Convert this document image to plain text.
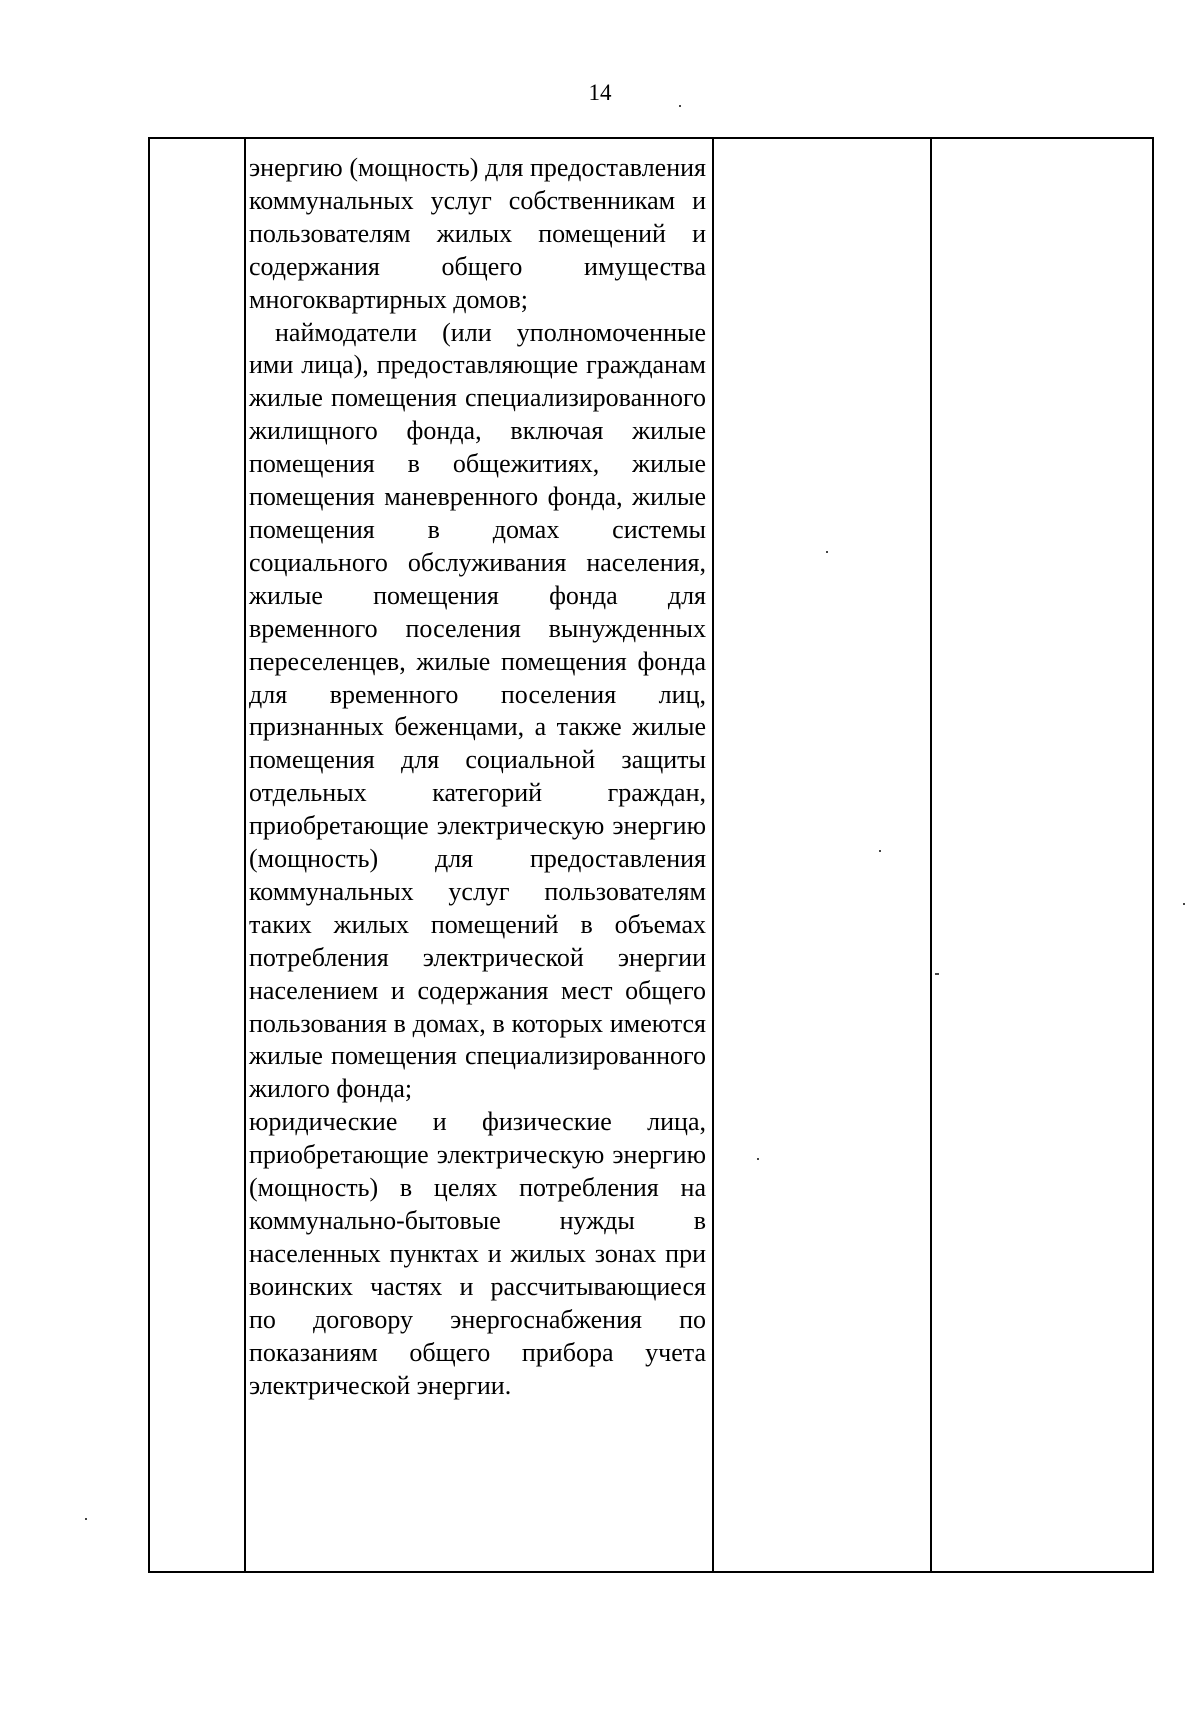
14

энергию (мощность) для предоставления коммунальных услуг собственникам и пользователям жилых помещений и содержания общего имущества многоквартирных домов;

наймодатели (или уполномоченные ими лица), предоставляющие гражданам жилые помещения специализированного жилищного фонда, включая жилые помещения в общежитиях, жилые помещения маневренного фонда, жилые помещения в домах системы социального обслуживания населения, жилые помещения фонда для временного поселения вынужденных переселенцев, жилые помещения фонда для временного поселения лиц, признанных беженцами, а также жилые помещения для социальной защиты отдельных категорий граждан, приобретающие электрическую энергию (мощность) для предоставления коммунальных услуг пользователям таких жилых помещений в объемах потребления электрической энергии населением и содержания мест общего пользования в домах, в которых имеются жилые помещения специализированного жилого фонда;

юридические и физические лица, приобретающие электрическую энергию (мощность) в целях потребления на коммунально-бытовые нужды в населенных пунктах и жилых зонах при воинских частях и рассчитывающиеся по договору энергоснабжения по показаниям общего прибора учета электрической энергии.
